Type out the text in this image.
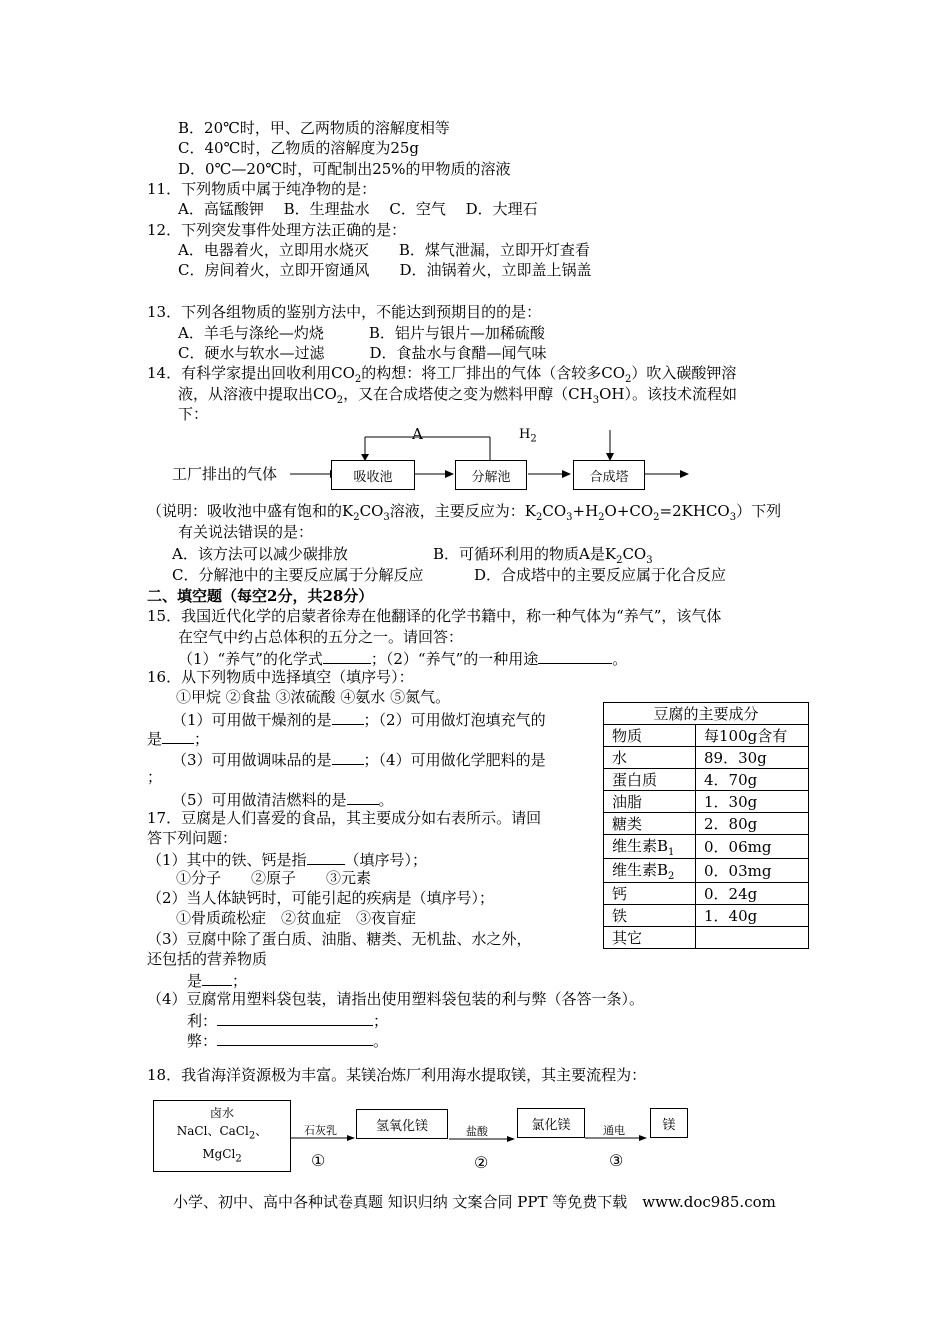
B．20℃时，甲、乙两物质的溶解度相等
C．40℃时，乙物质的溶解度为25g
D．0℃—20℃时，可配制出25%的甲物质的溶液
11．下列物质中属于纯净物的是：
A．高锰酸钾　 B．生理盐水　 C．空气　 D．大理石
12．下列突发事件处理方法正确的是：
A．电器着火，立即用水烧灭　　B．煤气泄漏，立即开灯查看
C．房间着火，立即开窗通风　　D．油锅着火，立即盖上锅盖
13．下列各组物质的鉴别方法中，不能达到预期目的的是：
A．羊毛与涤纶—灼烧　　　B．铝片与银片—加稀硫酸
C．硬水与软水—过滤　　　D．食盐水与食醋—闻气味
14．有科学家提出回收利用$CO_2$的构想：将工厂排出的气体（含较多$CO_2$）吹入碳酸钾溶
液，从溶液中提取出$CO_2$，又在合成塔使之变为燃料甲醇$(CH_3OH)$。该技术流程如
下：
工厂排出的气体	吸收池	分解池	合成塔
A	$H_2$
（说明：吸收池中盛有饱和的$K_2CO_3$溶液，主要反应为：$K_2CO_3+H_2O+CO_2=2KHCO_3$）下列
有关说法错误的是：
A．该方法可以减少碳排放	B．可循环利用的物质A是$K_2CO_3$
C．分解池中的主要反应属于分解反应	D．合成塔中的主要反应属于化合反应
二、填空题（每空2分，共28分）
15．我国近代化学的启蒙者徐寿在他翻译的化学书籍中，称一种气体为“养气”，该气体
在空气中约占总体积的五分之一。请回答：
（1）“养气”的化学式	；（2）“养气”的一种用途	。
16．从下列物质中选择填空（填序号）：
①甲烷 ②食盐 ③浓硫酸 ④氨水 ⑤氮气。
（1）可用做干燥剂的是 ；（2）可用做灯泡填充气的
是 ；
（3）可用做调味品的是 ；（4）可用做化学肥料的是
；
（5）可用做清洁燃料的是 。
豆腐的主要成分	
物质	每100g含有
水	89．30g
蛋白质	4．70g
油脂	1．30g
糖类	2．80g
维生素$B_1$	0．06mg
维生素$B_2$	0．03mg
钙	0．24g
铁	1．40g
其它	
17．豆腐是人们喜爱的食品，其主要成分如右表所示。请回
答下列问题：
（1）其中的铁、钙是指	（填序号）；
①分子　　②原子　　③元素
（2）当人体缺钙时，可能引起的疾病是（填序号）；
①骨质疏松症　②贫血症　③夜盲症
（3）豆腐中除了蛋白质、油脂、糖类、无机盐、水之外，
还包括的营养物质
是 ；
（4）豆腐常用塑料袋包装，请指出使用塑料袋包装的利与弊（各答一条）。
利：	；
弊：	。
18．我省海洋资源极为丰富。某镁冶炼厂利用海水提取镁，其主要流程为：
卤水
NaCl、CaCl$_2$、
MgCl$_2$
氢氧化镁	氯化镁	镁
石灰乳	盐酸	通电
①	②	③
小学、初中、高中各种试卷真题 知识归纳 文案合同 PPT 等免费下载　www.doc985.com
